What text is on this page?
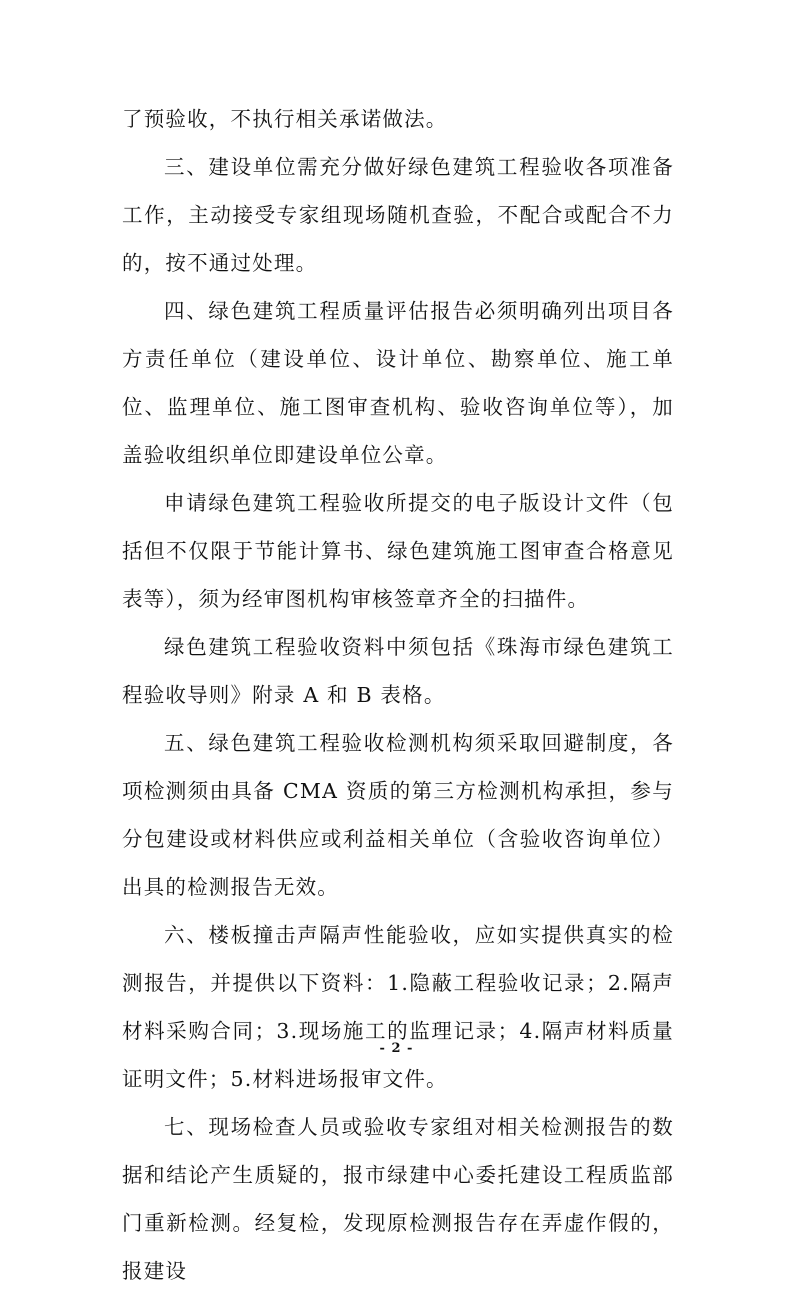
了预验收，不执行相关承诺做法。

三、建设单位需充分做好绿色建筑工程验收各项准备工作，主动接受专家组现场随机查验，不配合或配合不力的，按不通过处理。

四、绿色建筑工程质量评估报告必须明确列出项目各方责任单位（建设单位、设计单位、勘察单位、施工单位、监理单位、施工图审查机构、验收咨询单位等），加盖验收组织单位即建设单位公章。

申请绿色建筑工程验收所提交的电子版设计文件（包括但不仅限于节能计算书、绿色建筑施工图审查合格意见表等），须为经审图机构审核签章齐全的扫描件。

绿色建筑工程验收资料中须包括《珠海市绿色建筑工程验收导则》附录 A 和 B 表格。

五、绿色建筑工程验收检测机构须采取回避制度，各项检测须由具备 CMA 资质的第三方检测机构承担，参与分包建设或材料供应或利益相关单位（含验收咨询单位）出具的检测报告无效。

六、楼板撞击声隔声性能验收，应如实提供真实的检测报告，并提供以下资料：1.隐蔽工程验收记录；2.隔声材料采购合同；3.现场施工的监理记录；4.隔声材料质量证明文件；5.材料进场报审文件。

七、现场检查人员或验收专家组对相关检测报告的数据和结论产生质疑的，报市绿建中心委托建设工程质监部门重新检测。经复检，发现原检测报告存在弄虚作假的，报建设

- 2 -
